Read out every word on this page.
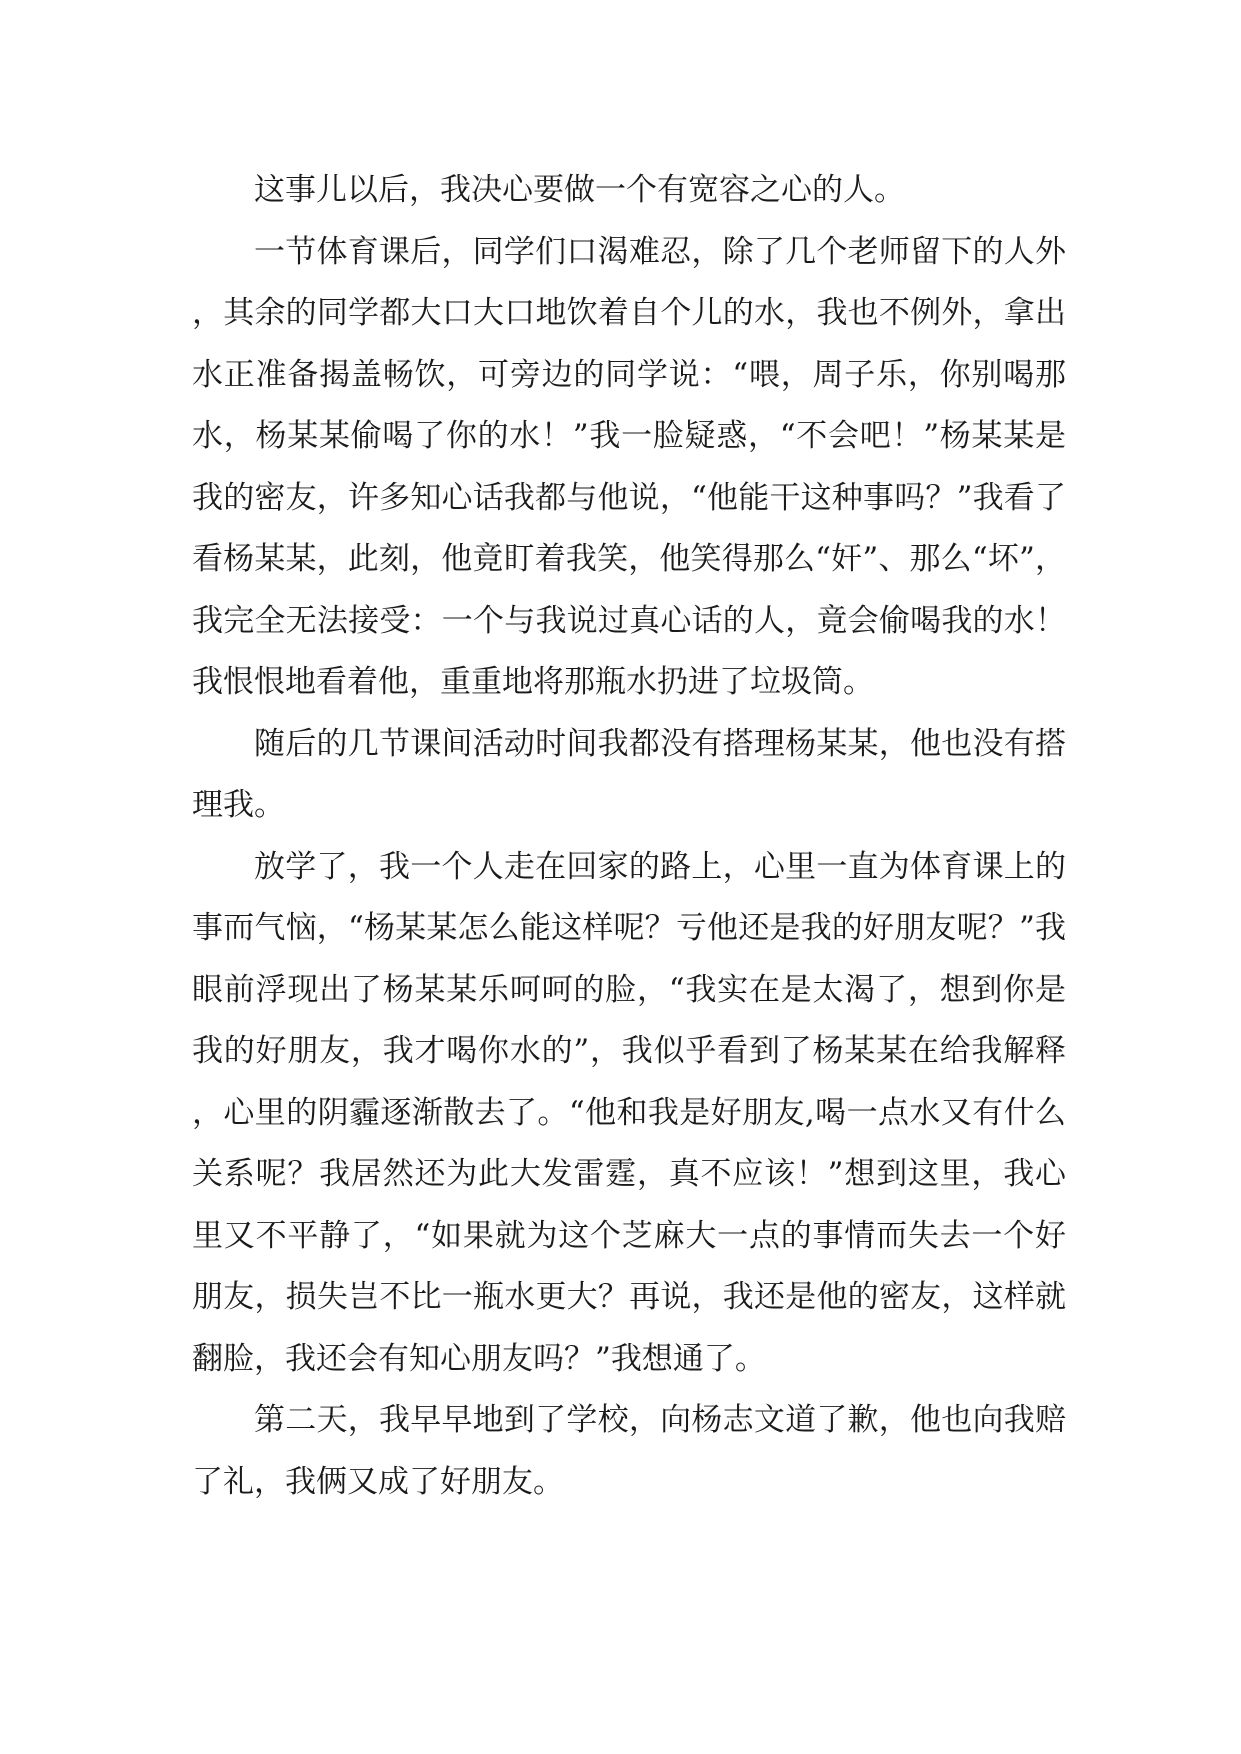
这事儿以后，我决心要做一个有宽容之心的人。

一节体育课后，同学们口渴难忍，除了几个老师留下的人外，其余的同学都大口大口地饮着自个儿的水，我也不例外，拿出水正准备揭盖畅饮，可旁边的同学说：“喂，周子乐，你别喝那水，杨某某偷喝了你的水！”我一脸疑惑，“不会吧！”杨某某是我的密友，许多知心话我都与他说，“他能干这种事吗？”我看了看杨某某，此刻，他竟盯着我笑，他笑得那么“奸”、那么“坏”，我完全无法接受：一个与我说过真心话的人，竟会偷喝我的水！我恨恨地看着他，重重地将那瓶水扔进了垃圾筒。

随后的几节课间活动时间我都没有搭理杨某某，他也没有搭理我。

放学了，我一个人走在回家的路上，心里一直为体育课上的事而气恼，“杨某某怎么能这样呢？亏他还是我的好朋友呢？”我眼前浮现出了杨某某乐呵呵的脸，“我实在是太渴了，想到你是我的好朋友，我才喝你水的”，我似乎看到了杨某某在给我解释，心里的阴霾逐渐散去了。“他和我是好朋友,喝一点水又有什么关系呢？我居然还为此大发雷霆，真不应该！”想到这里，我心里又不平静了，“如果就为这个芝麻大一点的事情而失去一个好朋友，损失岂不比一瓶水更大？再说，我还是他的密友，这样就翻脸，我还会有知心朋友吗？”我想通了。

第二天，我早早地到了学校，向杨志文道了歉，他也向我赔了礼，我俩又成了好朋友。
